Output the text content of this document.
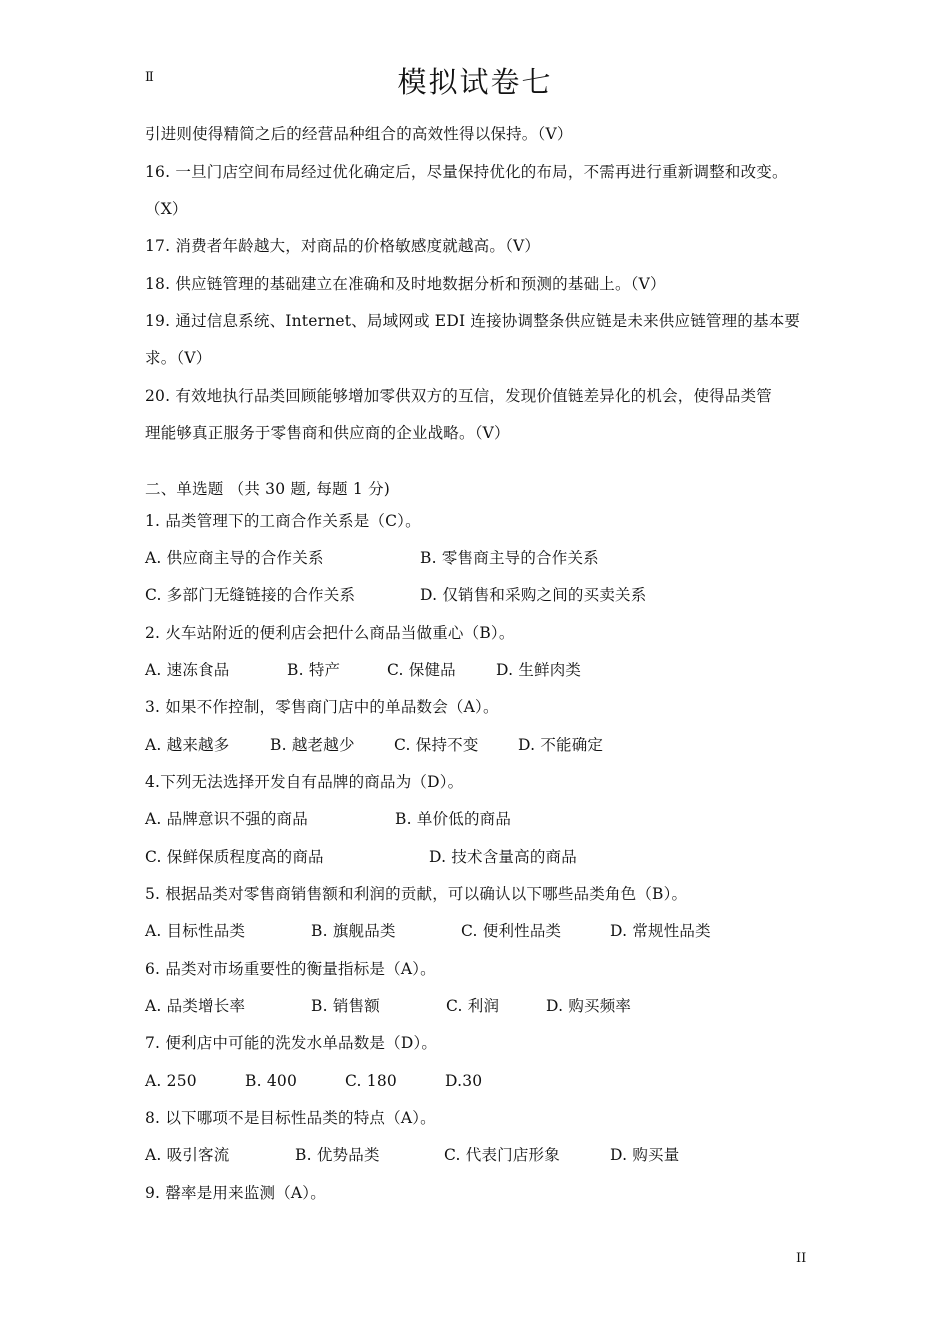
Ⅱ	模拟试卷七
引进则使得精简之后的经营品种组合的高效性得以保持。（V）
16. 一旦门店空间布局经过优化确定后，尽量保持优化的布局，不需再进行重新调整和改变。
（X）
17. 消费者年龄越大，对商品的价格敏感度就越高。（V）
18. 供应链管理的基础建立在准确和及时地数据分析和预测的基础上。（V）
19. 通过信息系统、Internet、局域网或 EDI 连接协调整条供应链是未来供应链管理的基本要
求。（V）
20. 有效地执行品类回顾能够增加零供双方的互信，发现价值链差异化的机会，使得品类管
理能够真正服务于零售商和供应商的企业战略。（V）
二、单选题 （共 30 题, 每题 1 分)
1. 品类管理下的工商合作关系是（C）。
A. 供应商主导的合作关系	B. 零售商主导的合作关系
C. 多部门无缝链接的合作关系	D. 仅销售和采购之间的买卖关系
2. 火车站附近的便利店会把什么商品当做重心（B）。
A. 速冻食品	B. 特产	C. 保健品	D. 生鲜肉类
3. 如果不作控制，零售商门店中的单品数会（A）。
A. 越来越多	B. 越老越少	C. 保持不变	D. 不能确定
4.下列无法选择开发自有品牌的商品为（D）。
A. 品牌意识不强的商品	B. 单价低的商品
C. 保鲜保质程度高的商品	D. 技术含量高的商品
5. 根据品类对零售商销售额和利润的贡献，可以确认以下哪些品类角色（B）。
A. 目标性品类	B. 旗舰品类	C. 便利性品类	D. 常规性品类
6. 品类对市场重要性的衡量指标是（A）。
A. 品类增长率	B. 销售额	C. 利润	D. 购买频率
7. 便利店中可能的洗发水单品数是（D）。
A. 250	B. 400	C. 180	D.30
8. 以下哪项不是目标性品类的特点（A）。
A. 吸引客流	B. 优势品类	C. 代表门店形象	D. 购买量
9. 罄率是用来监测（A）。
II
